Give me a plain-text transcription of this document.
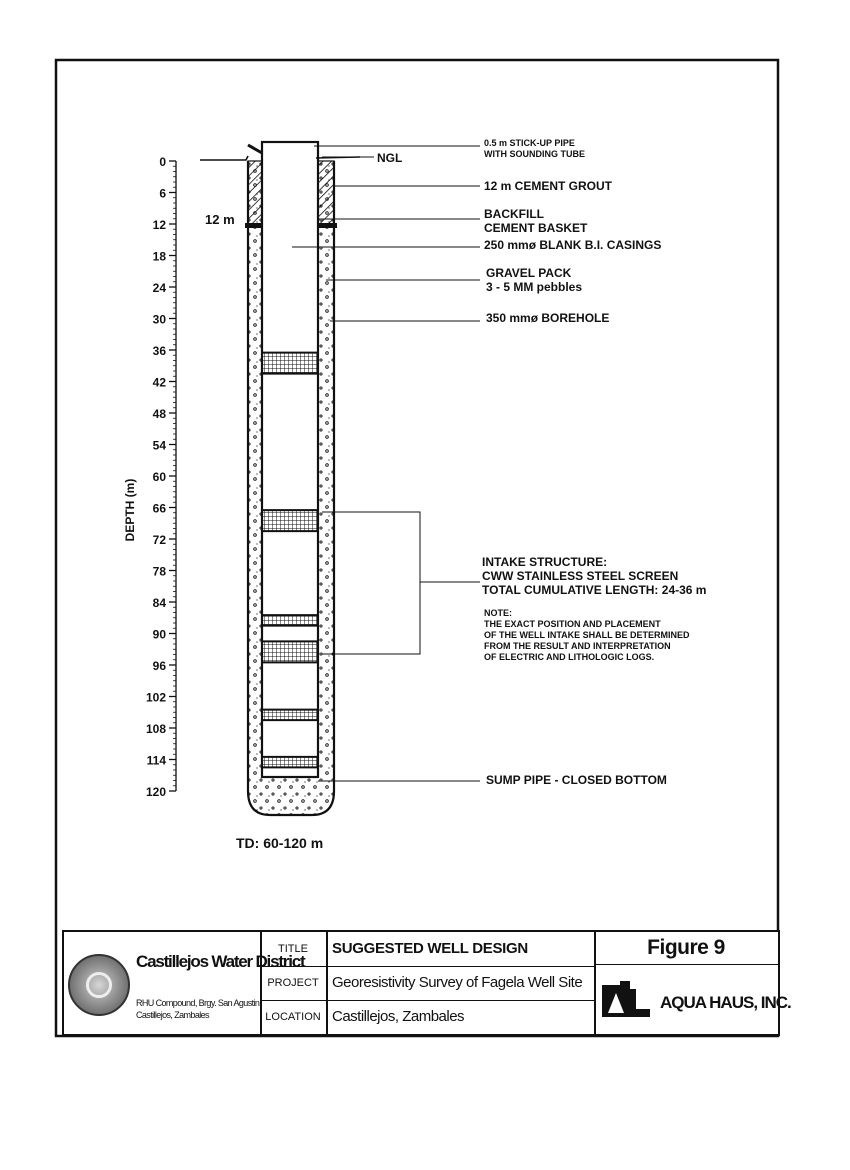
0
6
12
18
24
30
36
42
48
54
60
66
72
78
84
90
96
102
108
114
120
DEPTH (m)
12 m
TD: 60-120 m
0.5 m STICK-UP PIPE
WITH SOUNDING TUBE
NGL
12 m CEMENT GROUT
BACKFILL
CEMENT BASKET
250 mmø BLANK B.I. CASINGS
GRAVEL PACK
3 - 5 MM pebbles
350 mmø BOREHOLE
INTAKE STRUCTURE:
CWW STAINLESS STEEL SCREEN
TOTAL CUMULATIVE LENGTH: 24-36 m
NOTE:
THE EXACT POSITION AND PLACEMENT
OF THE WELL INTAKE SHALL BE DETERMINED
FROM THE RESULT AND INTERPRETATION
OF ELECTRIC AND LITHOLOGIC LOGS.
SUMP PIPE - CLOSED BOTTOM
Castillejos Water District
RHU Compound, Brgy. San Agustin
Castillejos, Zambales
TITLE
PROJECT
LOCATION
SUGGESTED WELL DESIGN
Georesistivity Survey of Fagela Well Site
Castillejos, Zambales
Figure 9
AQUA HAUS, INC.
